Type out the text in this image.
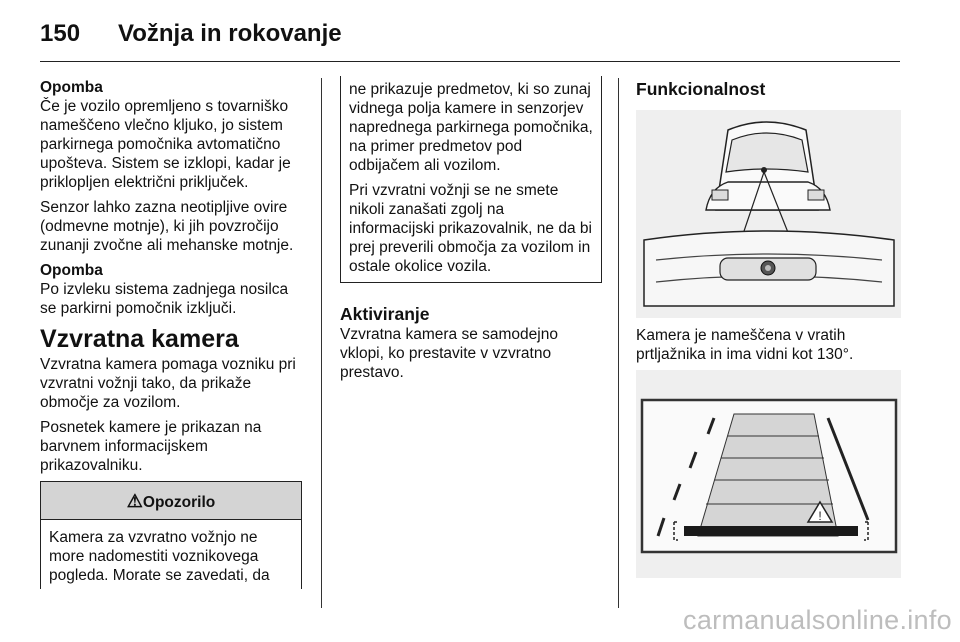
150 Vožnja in rokovanje
Opomba
Če je vozilo opremljeno s tovarniško nameščeno vlečno kljuko, jo sistem parkirnega pomočnika avtomatično upošteva. Sistem se izklopi, kadar je priklopljen električni priključek.
Senzor lahko zazna neotipljive ovire (odmevne motnje), ki jih povzročijo zunanji zvočne ali mehanske motnje.
Opomba
Po izvleku sistema zadnjega nosilca se parkirni pomočnik izključi.
Vzvratna kamera
Vzvratna kamera pomaga vozniku pri vzvratni vožnji tako, da prikaže območje za vozilom.
Posnetek kamere je prikazan na barvnem informacijskem prikazovalniku.
⚠Opozorilo
Kamera za vzvratno vožnjo ne more nadomestiti voznikovega pogleda. Morate se zavedati, da
ne prikazuje predmetov, ki so zunaj vidnega polja kamere in senzorjev naprednega parkirnega pomočnika, na primer predmetov pod odbijačem ali vozilom.
Pri vzvratni vožnji se ne smete nikoli zanašati zgolj na informacijski prikazovalnik, ne da bi prej preverili območja za vozilom in ostale okolice vozila.
Aktiviranje
Vzvratna kamera se samodejno vklopi, ko prestavite v vzvratno prestavo.
Funkcionalnost
Kamera je nameščena v vratih prtljažnika in ima vidni kot 130°.
!
carmanualsonline.info
